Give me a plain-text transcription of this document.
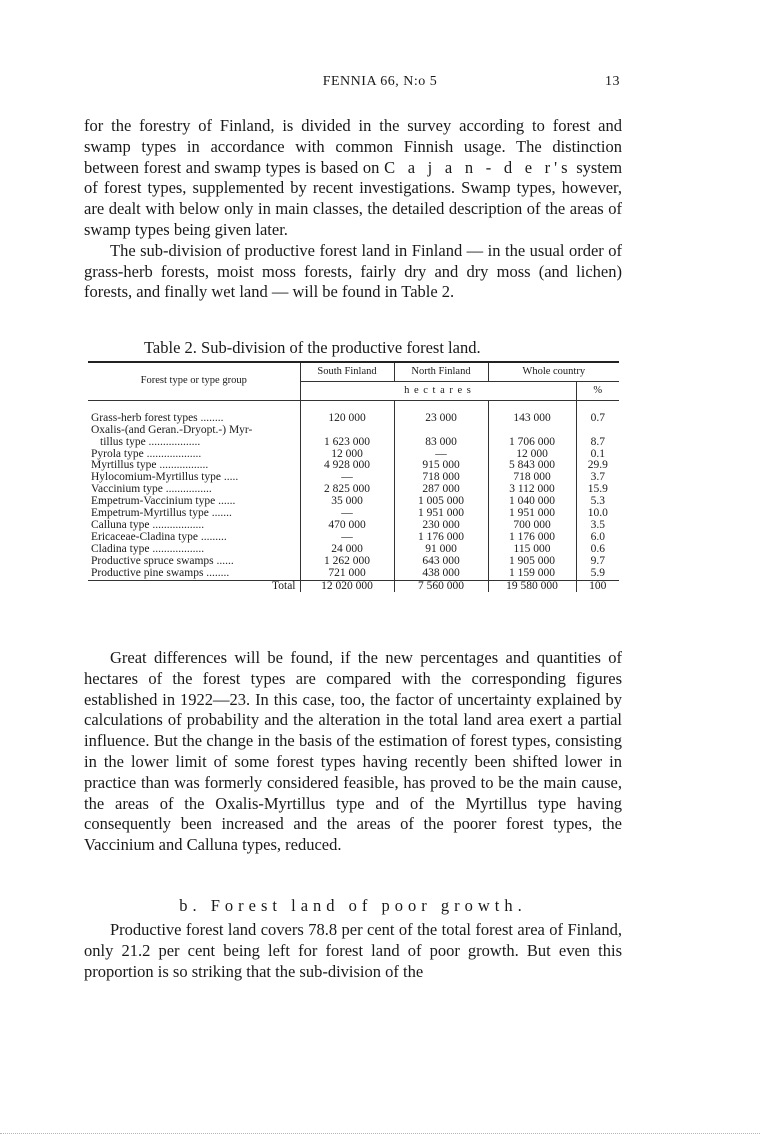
FENNIA 66, N:o 5	13

for the forestry of Finland, is divided in the survey according to forest and swamp types in accordance with common Finnish usage. The distinction between forest and swamp types is based on C a j a n - d e r's system of forest types, supplemented by recent investigations. Swamp types, however, are dealt with below only in main classes, the detailed description of the areas of swamp types being given later.

The sub-division of productive forest land in Finland — in the usual order of grass-herb forests, moist moss forests, fairly dry and dry moss (and lichen) forests, and finally wet land — will be found in Table 2.

Table 2. Sub-division of the productive forest land.
Forest type or type group	South Finland	North Finland	Whole country	
	h e c t a r e s			%

Grass-herb forest types ........	120 000	23 000	143 000	0.7
Oxalis-(and Geran.-Dryopt.-) Myr-				
tillus type ..................	1 623 000	83 000	1 706 000	8.7
Pyrola type ...................	12 000	—	12 000	0.1
Myrtillus type .................	4 928 000	915 000	5 843 000	29.9
Hylocomium-Myrtillus type .....	—	718 000	718 000	3.7
Vaccinium type ................	2 825 000	287 000	3 112 000	15.9
Empetrum-Vaccinium type ......	35 000	1 005 000	1 040 000	5.3
Empetrum-Myrtillus type .......	—	1 951 000	1 951 000	10.0
Calluna type ..................	470 000	230 000	700 000	3.5
Ericaceae-Cladina type .........	—	1 176 000	1 176 000	6.0
Cladina type ..................	24 000	91 000	115 000	0.6
Productive spruce swamps ......	1 262 000	643 000	1 905 000	9.7
Productive pine swamps ........	721 000	438 000	1 159 000	5.9

Total	12 020 000	7 560 000	19 580 000	100

Great differences will be found, if the new percentages and quantities of hectares of the forest types are compared with the corresponding figures established in 1922—23. In this case, too, the factor of uncertainty explained by calculations of probability and the alteration in the total land area exert a partial influence. But the change in the basis of the estimation of forest types, consisting in the lower limit of some forest types having recently been shifted lower in practice than was formerly considered feasible, has proved to be the main cause, the areas of the Oxalis-Myrtillus type and of the Myrtillus type having consequently been increased and the areas of the poorer forest types, the Vaccinium and Calluna types, reduced.

b. Forest land of poor growth.

Productive forest land covers 78.8 per cent of the total forest area of Finland, only 21.2 per cent being left for forest land of poor growth. But even this proportion is so striking that the sub-division of the
